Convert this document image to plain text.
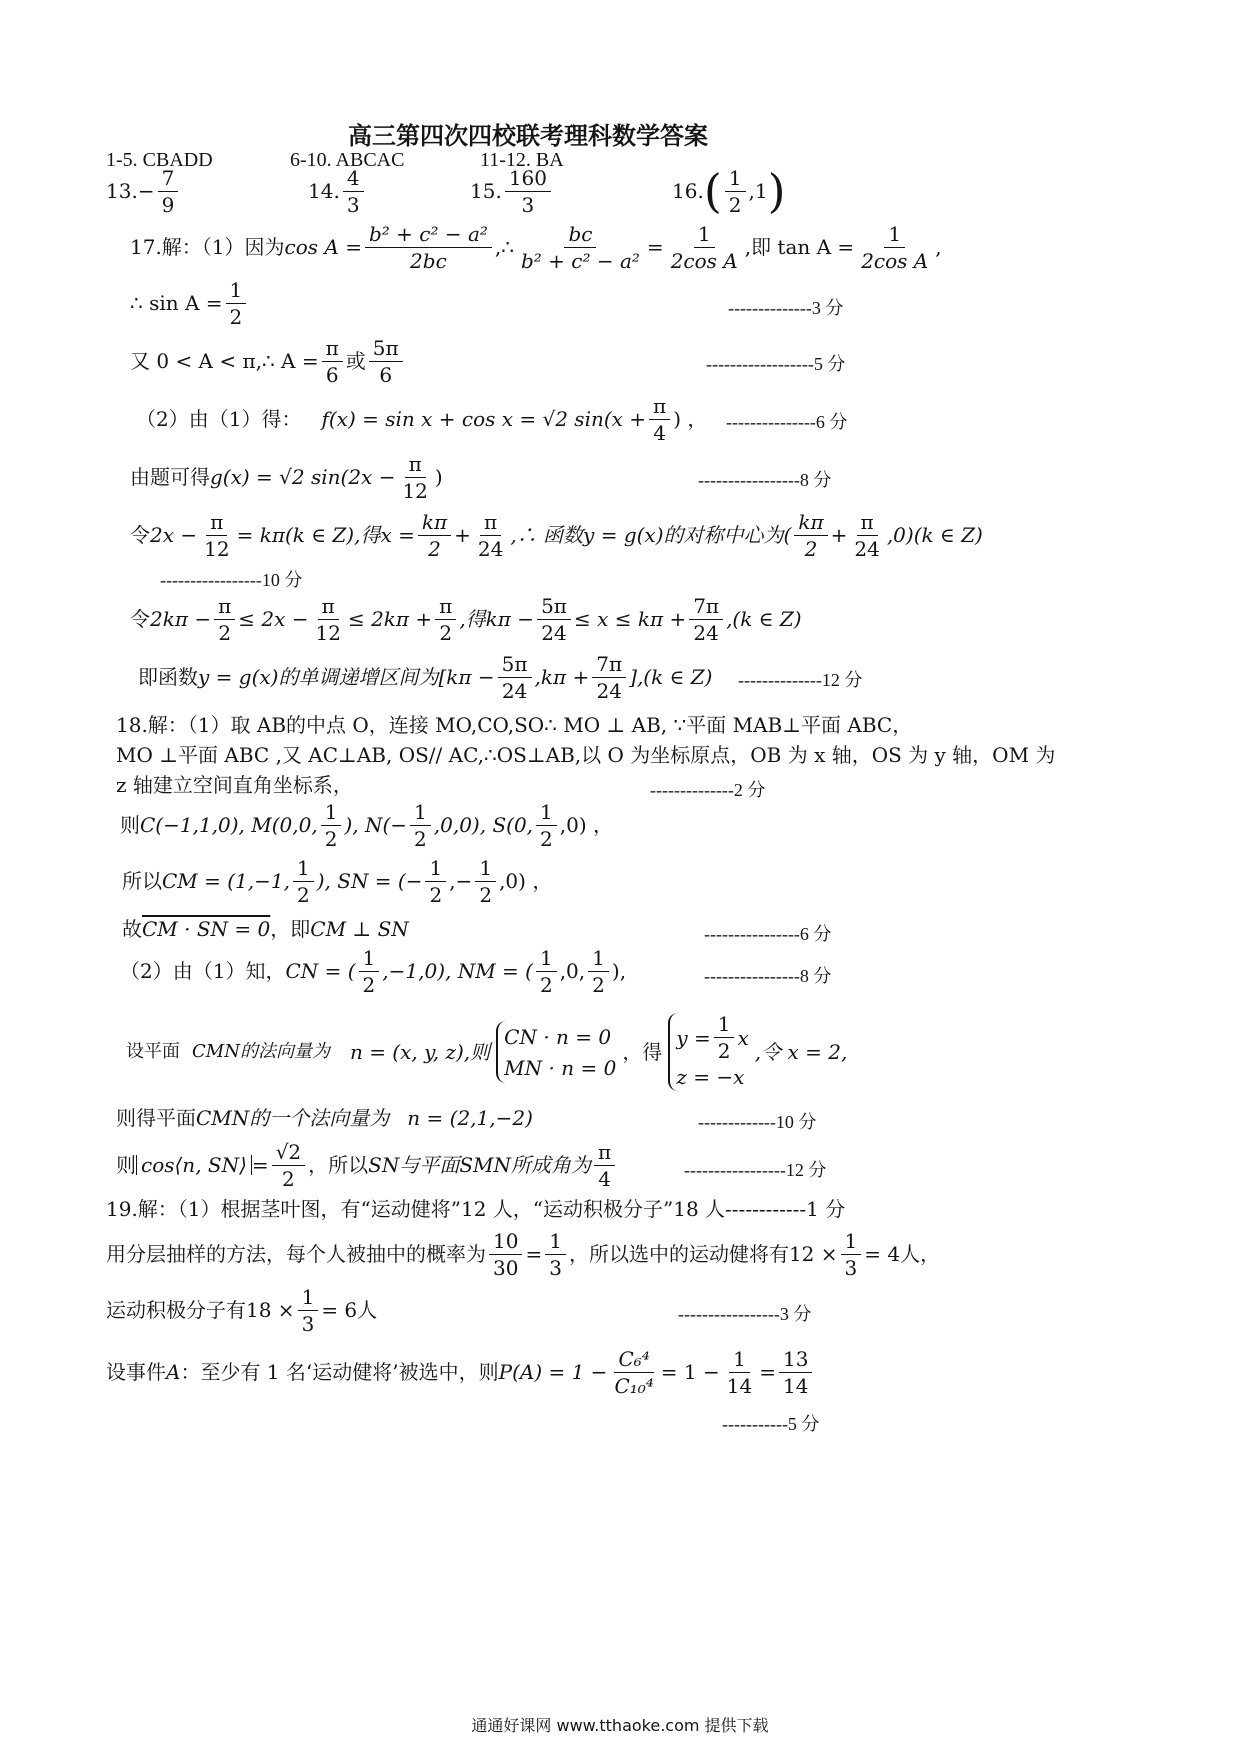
高三第四次四校联考理科数学答案
1-5. CBADD	6-10. ABCAC	11-12. BA
13. − $\frac{7}{9}$	14. $\frac{4}{3}$	15. $\frac{160}{3}$	16. ( $\frac{1}{2} ,1$ )
17.解：（1）因为 $\cos A = \frac{\text{b² + c² − a²}}{2bc}$ ,∴ $\frac{bc}{\text{b² + c² − a²}} = \frac{1}{\text{2cos A}}$ ,即 $\tan A = \frac{1}{\text{2cos A}}$ ,
∴ $\sin A = \frac{1}{2}$	--------------3 分
又 0 < A < π,∴ $A = \frac{\pi}{6}$ 或 $\frac{5\pi}{6}$	------------------5 分
（2）由（1）得： f(x) = sin x + cos x = √2 $\sin(x + \frac{\pi}{4}$ ) ， ---------------6 分
由题可得 g(x) = √2 $\sin(2x - \frac{\pi}{12}$ )	-----------------8 分
令 $2x - \frac{\pi}{12} = k\pi(k$ ∈ Z),得$x = \frac{k\pi}{2} + \frac{\pi}{24}$ ,∴ 函数y = g(x)的对称中心为( $\frac{k\pi}{2} + \frac{\pi}{24} ,0)(k$ ∈ Z)
-----------------10 分
令 $2k\pi - \frac{\pi}{2} \le 2x - \frac{\pi}{12} \le 2k\pi + \frac{\pi}{2}$ ,得$k\pi - \frac{5\pi}{24} \le x \le k\pi + \frac{7\pi}{24} ,(k$ ∈ Z)
即函数 y = g(x)的单调递增区间为$[k\pi - \frac{5\pi}{24} ,k\pi + \frac{7\pi}{24} ],(k$ ∈ Z) --------------12 分
18.解：（1）取 AB的中点 O，连接 MO,CO,SO∴ MO ⊥ AB, ∵平面 MAB⊥平面 ABC，
MO ⊥平面 ABC ,又 AC⊥AB, OS// AC,∴OS⊥AB,以 O 为坐标原点，OB 为 x 轴，OS 为 y 轴，OM 为
z 轴建立空间直角坐标系，	--------------2 分
则 C(−1,1,0), M(0,0, $\frac{1}{2}$ ), $N(- \frac{1}{2} ,0,0)$, S(0, $\frac{1}{2} ,0$) ，
所以 CM = (1,−1, $\frac{1}{2}$ ), SN = (− $\frac{1}{2}$ ,− $\frac{1}{2} ,0$) ，
故 CM · SN = 0 ，即 CM ⊥ SN	----------------6 分
（2）由（1）知， CN = ( $\frac{1}{2} ,-1,0$), NM = ( $\frac{1}{2} ,0$, $\frac{1}{2}$ ),	----------------8 分
设平面 CMN的法向量为 n = (x, y, z),则
CN · n = 0
MN · n = 0
，得
$y = \frac{1}{2}$ x
z = −x
,令 x = 2,
则得平面 CMN的一个法向量为 n = (2,1,−2)	-------------10 分
则 cos⟨n, SN⟩ = $\frac{√2}{2}$ ，所以 SN与平面SMN所成角为 $\frac{\pi}{4}$	-----------------12 分
19.解：（1）根据茎叶图，有“运动健将”12 人，“运动积极分子”18 人------------1 分
用分层抽样的方法，每个人被抽中的概率为 $\frac{10}{30} = \frac{1}{3}$ ，所以选中的运动健将有 $12 \times \frac{1}{3} = 4$人，
运动积极分子有 $18 \times \frac{1}{3} = 6$人	-----------------3 分
设事件 A ：至少有 1 名‘运动健将’被选中，则 $P(A) = 1 - \frac{\text{C₆⁴}}{\text{C₁₀⁴}} = 1 - \frac{1}{14} = \frac{13}{14}$
-----------5 分
通通好课网 www.tthaoke.com 提供下载
